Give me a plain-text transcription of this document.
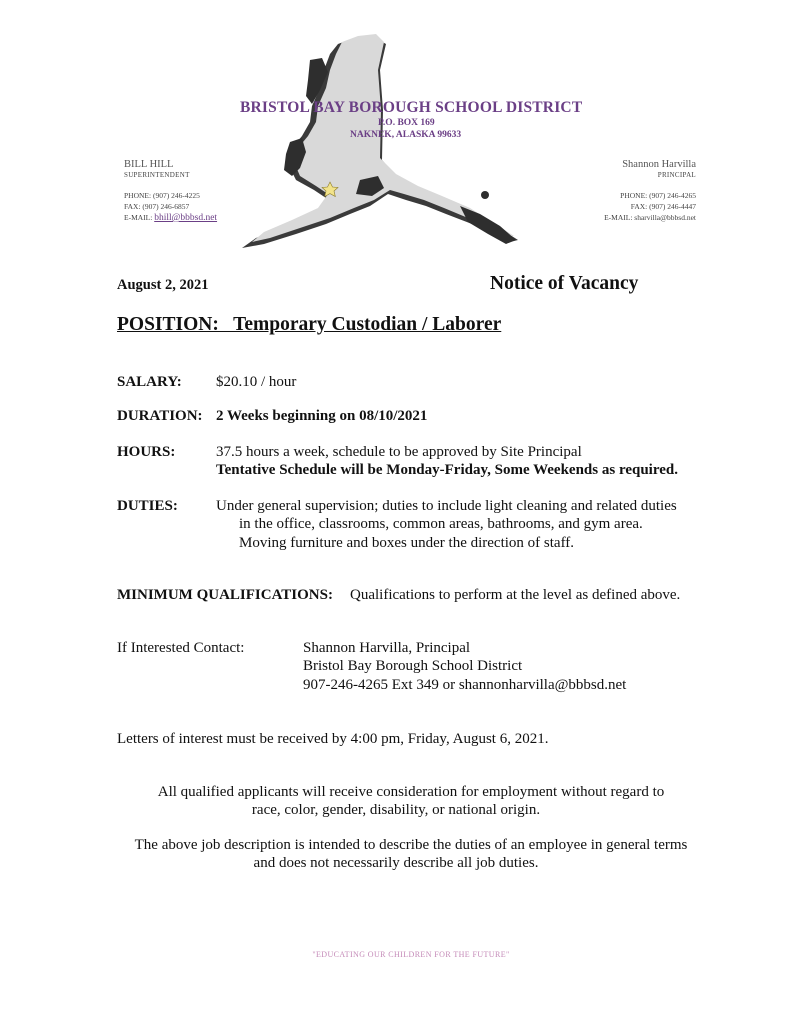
BRISTOL BAY BOROUGH SCHOOL DISTRICT
P.O. BOX 169
NAKNEK, ALASKA 99633
BILL HILL
SUPERINTENDENT
PHONE: (907) 246-4225
FAX: (907) 246-6857
E-MAIL: bhill@bbbsd.net
Shannon Harvilla
PRINCIPAL
PHONE: (907) 246-4265
FAX: (907) 246-4447
E-MAIL: sharvilla@bbbsd.net
August 2, 2021	Notice of Vacancy
POSITION:   Temporary Custodian / Laborer
SALARY: $20.10 / hour
DURATION: 2 Weeks beginning on 08/10/2021
HOURS:	37.5 hours a week, schedule to be approved by Site Principal
Tentative Schedule will be Monday-Friday, Some Weekends as required.
DUTIES:	Under general supervision; duties to include light cleaning and related duties
in the office, classrooms, common areas, bathrooms, and gym area.
Moving furniture and boxes under the direction of staff.
MINIMUM QUALIFICATIONS: Qualifications to perform at the level as defined above.
If Interested Contact:	Shannon Harvilla, Principal
Bristol Bay Borough School District
907-246-4265 Ext 349 or shannonharvilla@bbbsd.net
Letters of interest must be received by 4:00 pm, Friday, August 6, 2021.
All qualified applicants will receive consideration for employment without regard to
race, color, gender, disability, or national origin.
The above job description is intended to describe the duties of an employee in general terms
and does not necessarily describe all job duties.
"EDUCATING OUR CHILDREN FOR THE FUTURE"
